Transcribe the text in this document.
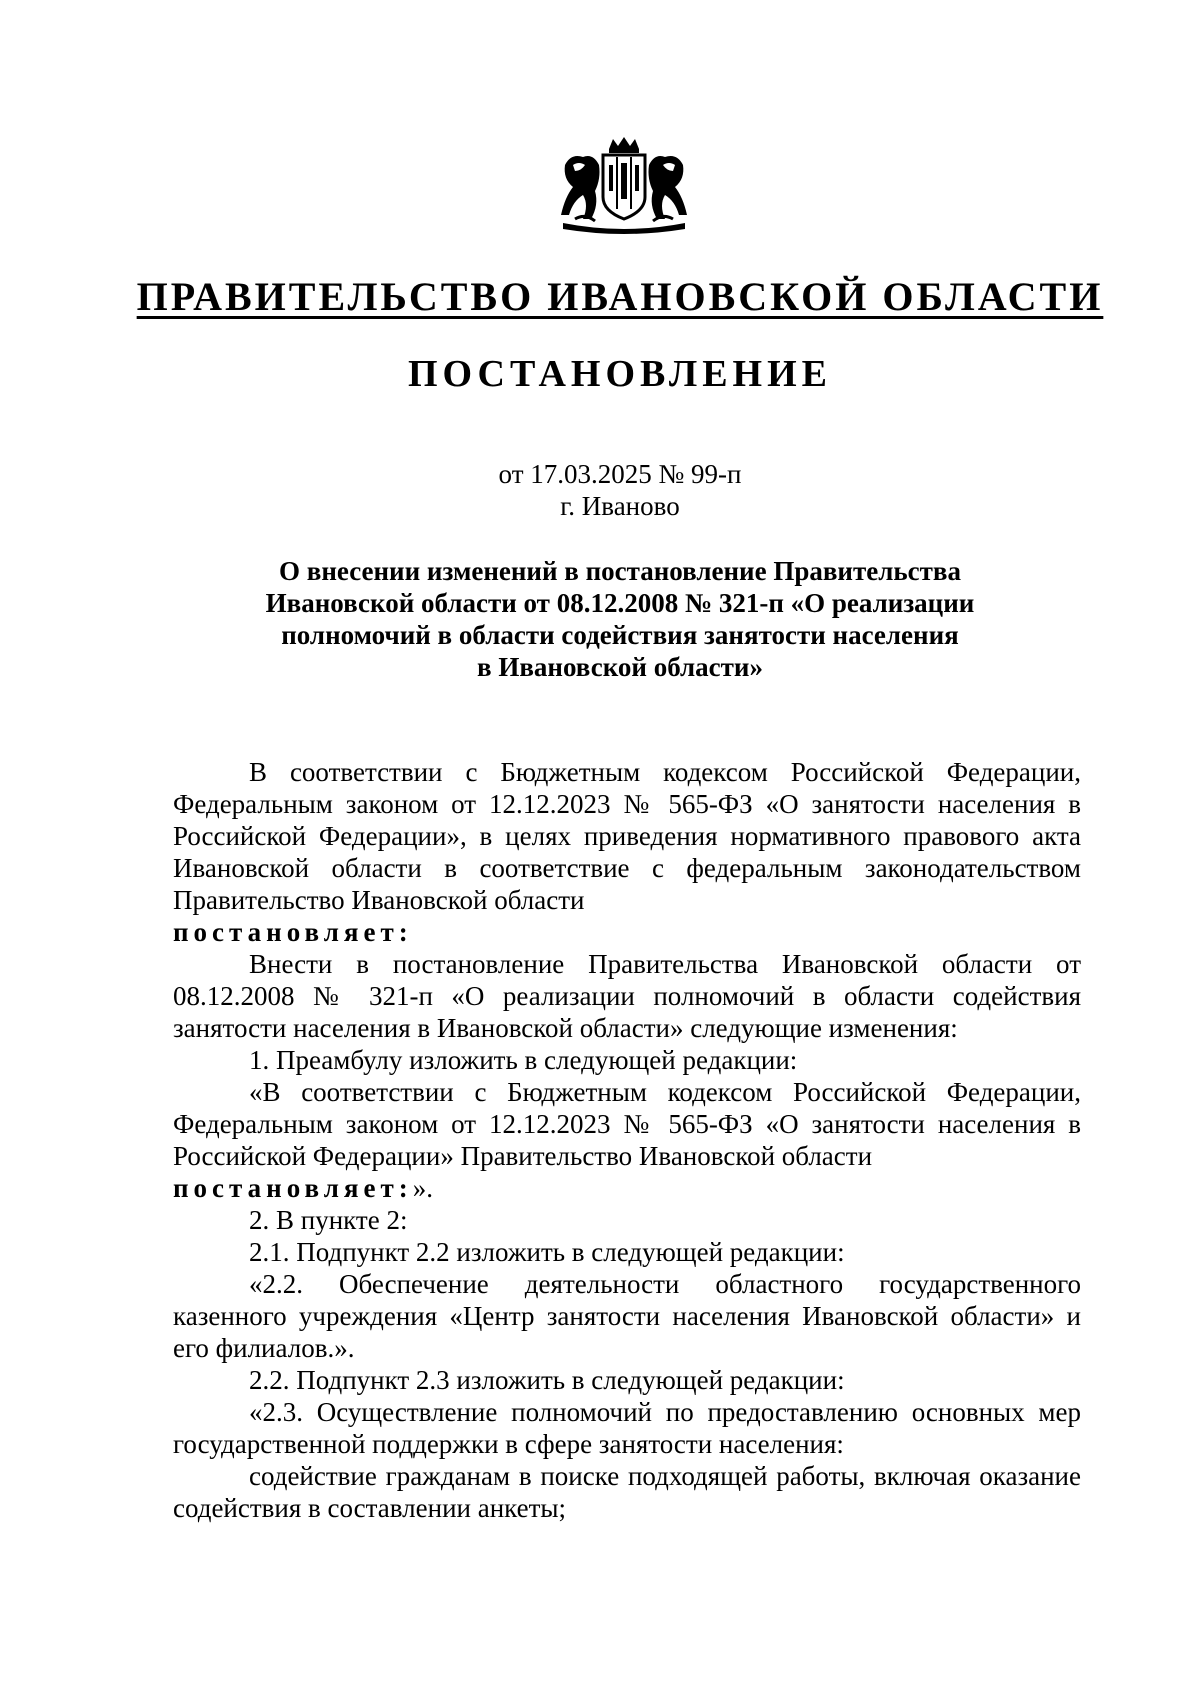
ПРАВИТЕЛЬСТВО ИВАНОВСКОЙ ОБЛАСТИ
ПОСТАНОВЛЕНИЕ
от 17.03.2025 № 99-п
г. Иваново
О внесении изменений в постановление Правительства
Ивановской области от 08.12.2008 № 321-п «О реализации
полномочий в области содействия занятости населения
в Ивановской области»

В соответствии с Бюджетным кодексом Российской Федерации, Федеральным законом от 12.12.2023 № 565-ФЗ «О занятости населения в Российской Федерации», в целях приведения нормативного правового акта Ивановской области в соответствие с федеральным законодательством Правительство Ивановской области
постановляет:

Внести в постановление Правительства Ивановской области от 08.12.2008 № 321-п «О реализации полномочий в области содействия занятости населения в Ивановской области» следующие изменения:

1. Преамбулу изложить в следующей редакции:

«В соответствии с Бюджетным кодексом Российской Федерации, Федеральным законом от 12.12.2023 № 565-ФЗ «О занятости населения в Российской Федерации» Правительство Ивановской области
постановляет:».

2. В пункте 2:

2.1. Подпункт 2.2 изложить в следующей редакции:

«2.2. Обеспечение деятельности областного государственного казенного учреждения «Центр занятости населения Ивановской области» и его филиалов.».

2.2. Подпункт 2.3 изложить в следующей редакции:

«2.3. Осуществление полномочий по предоставлению основных мер государственной поддержки в сфере занятости населения:

содействие гражданам в поиске подходящей работы, включая оказание содействия в составлении анкеты;
